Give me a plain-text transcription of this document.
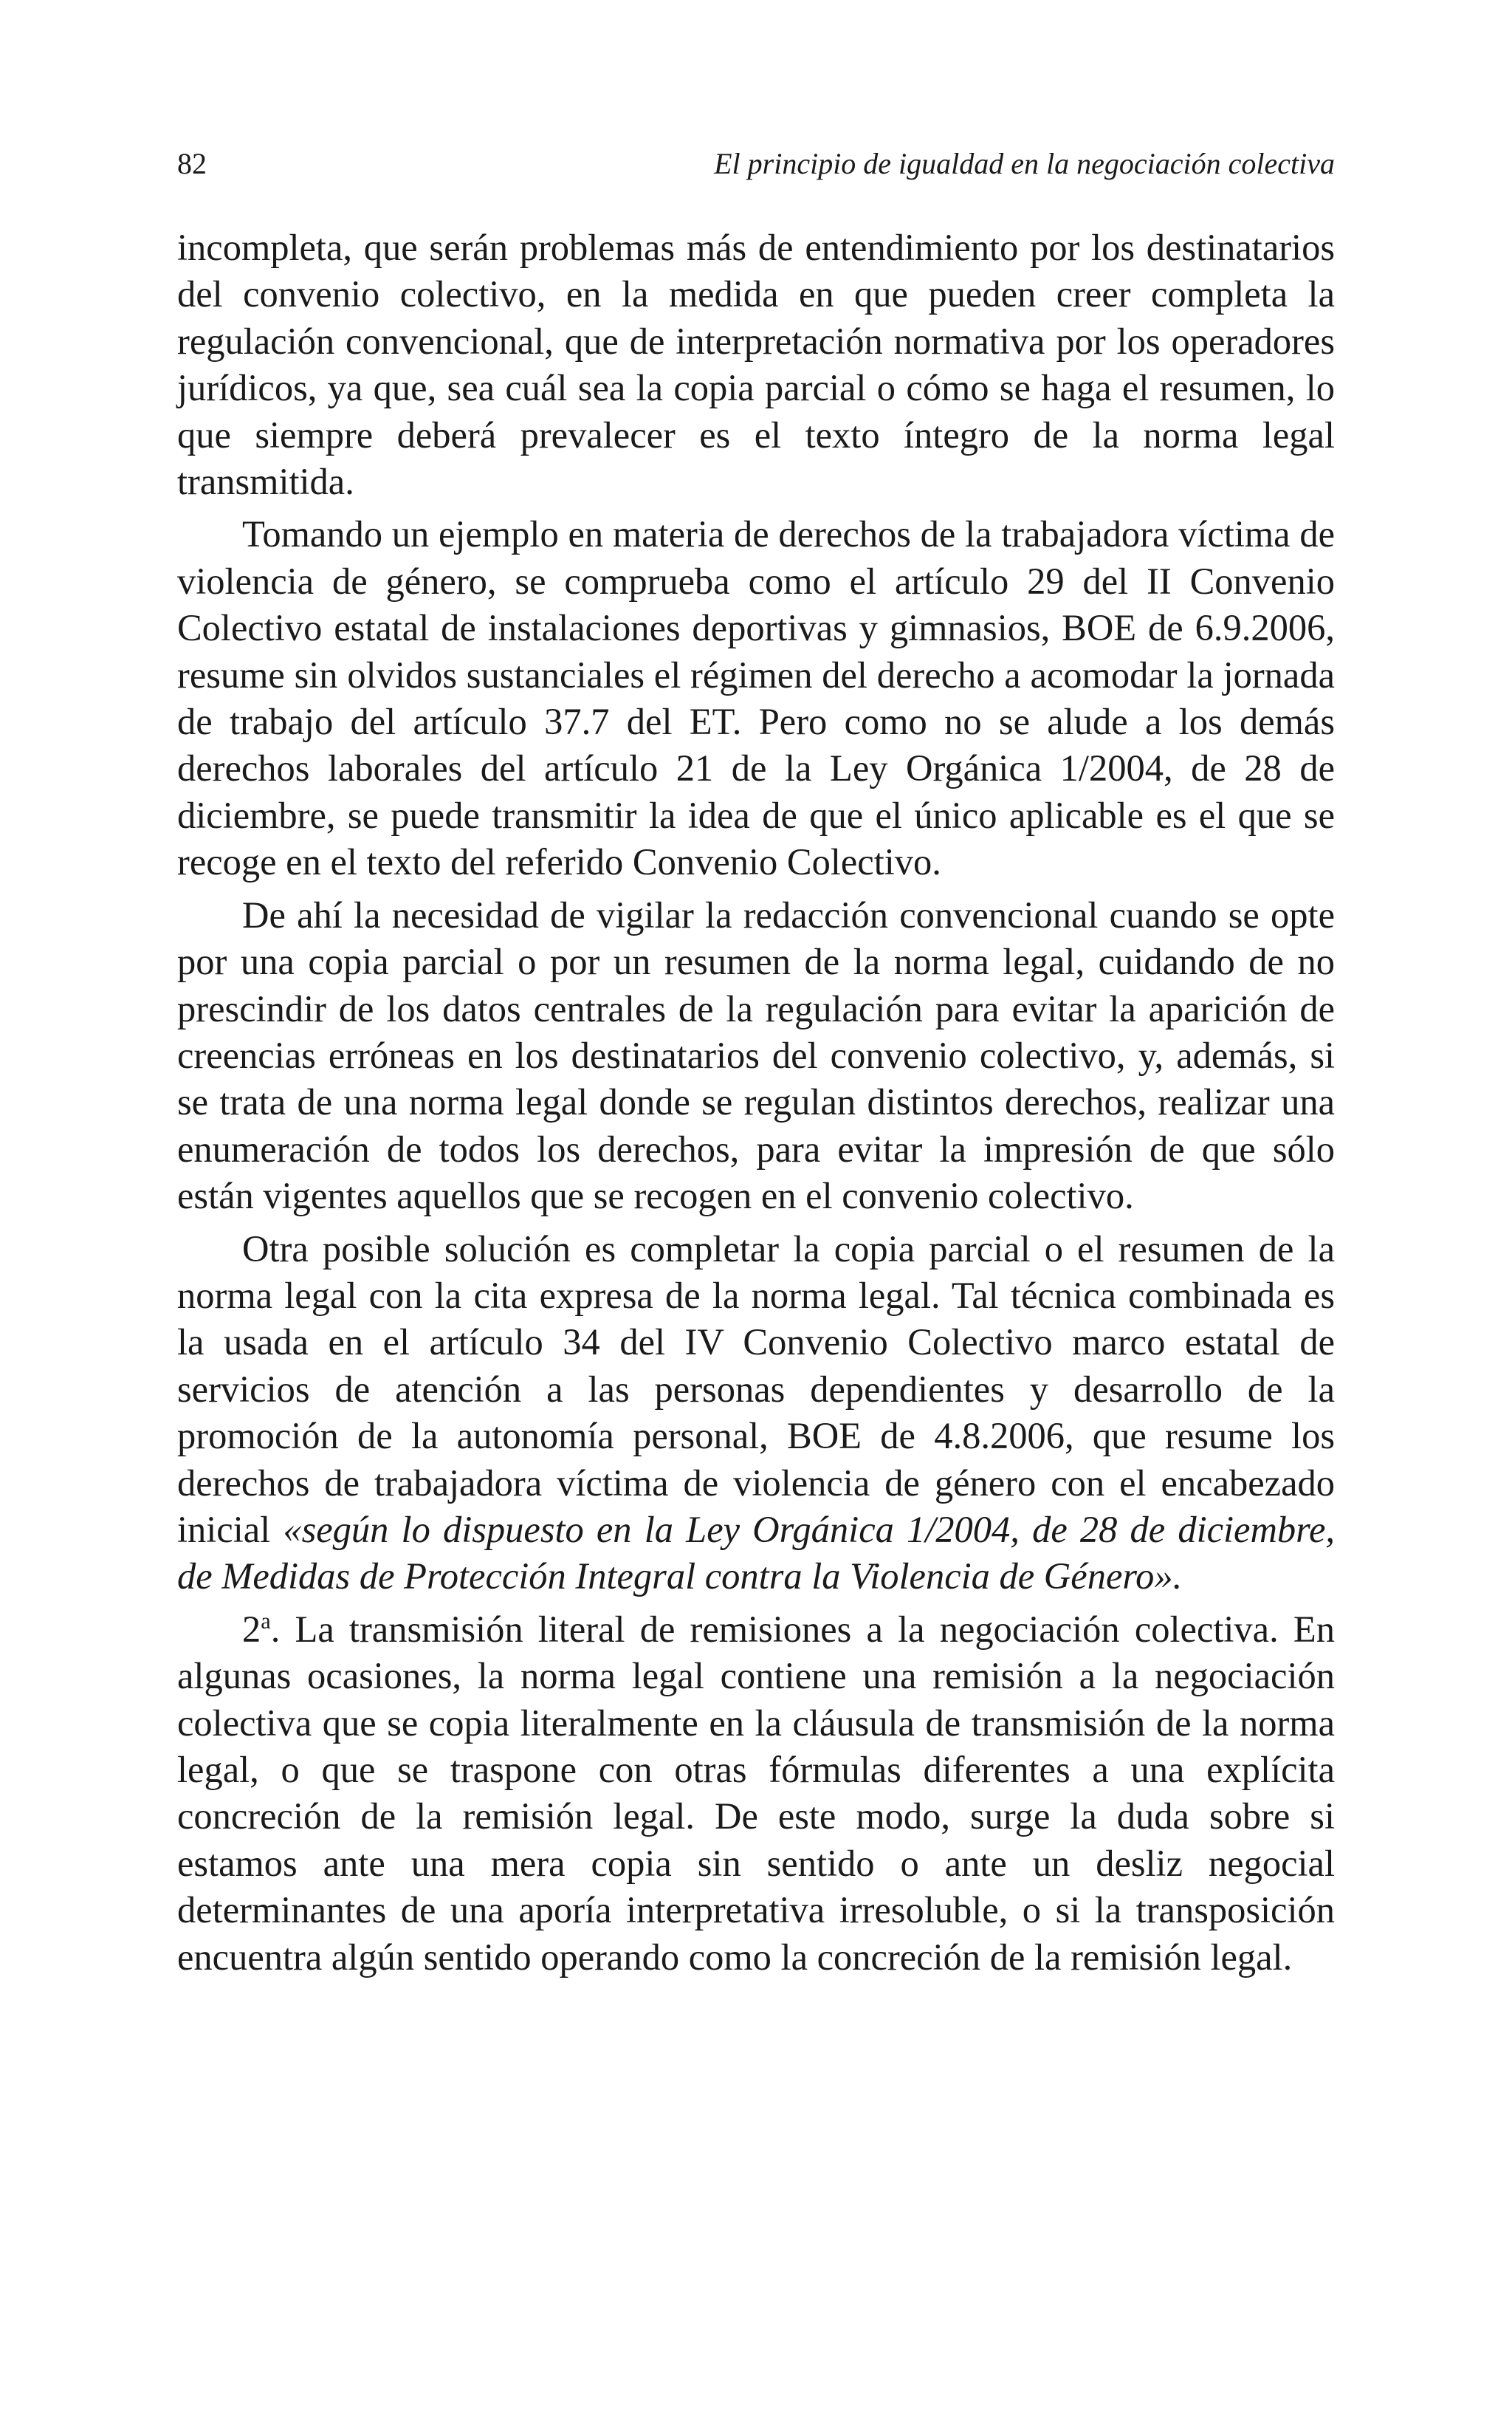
82	El principio de igualdad en la negociación colectiva

incompleta, que serán problemas más de entendimiento por los destinatarios del convenio colectivo, en la medida en que pueden creer completa la regulación convencional, que de interpretación normativa por los operadores jurídicos, ya que, sea cuál sea la copia parcial o cómo se haga el resumen, lo que siempre deberá prevalecer es el texto íntegro de la norma legal transmitida.

Tomando un ejemplo en materia de derechos de la trabajadora víctima de violencia de género, se comprueba como el artículo 29 del II Convenio Colectivo estatal de instalaciones deportivas y gimnasios, BOE de 6.9.2006, resume sin olvidos sustanciales el régimen del derecho a acomodar la jornada de trabajo del artículo 37.7 del ET. Pero como no se alude a los demás derechos laborales del artículo 21 de la Ley Orgánica 1/2004, de 28 de diciembre, se puede transmitir la idea de que el único aplicable es el que se recoge en el texto del referido Convenio Colectivo.

De ahí la necesidad de vigilar la redacción convencional cuando se opte por una copia parcial o por un resumen de la norma legal, cuidando de no prescindir de los datos centrales de la regulación para evitar la aparición de creencias erróneas en los destinatarios del convenio colectivo, y, además, si se trata de una norma legal donde se regulan distintos derechos, realizar una enumeración de todos los derechos, para evitar la impresión de que sólo están vigentes aquellos que se recogen en el convenio colectivo.

Otra posible solución es completar la copia parcial o el resumen de la norma legal con la cita expresa de la norma legal. Tal técnica combinada es la usada en el artículo 34 del IV Convenio Colectivo marco estatal de servicios de atención a las personas dependientes y desarrollo de la promoción de la autonomía personal, BOE de 4.8.2006, que resume los derechos de trabajadora víctima de violencia de género con el encabezado inicial «según lo dispuesto en la Ley Orgánica 1/2004, de 28 de diciembre, de Medidas de Protección Integral contra la Violencia de Género».

2$^a$. La transmisión literal de remisiones a la negociación colectiva. En algunas ocasiones, la norma legal contiene una remisión a la negociación colectiva que se copia literalmente en la cláusula de transmisión de la norma legal, o que se traspone con otras fórmulas diferentes a una explícita concreción de la remisión legal. De este modo, surge la duda sobre si estamos ante una mera copia sin sentido o ante un desliz negocial determinantes de una aporía interpretativa irresoluble, o si la transposición encuentra algún sentido operando como la concreción de la remisión legal.
